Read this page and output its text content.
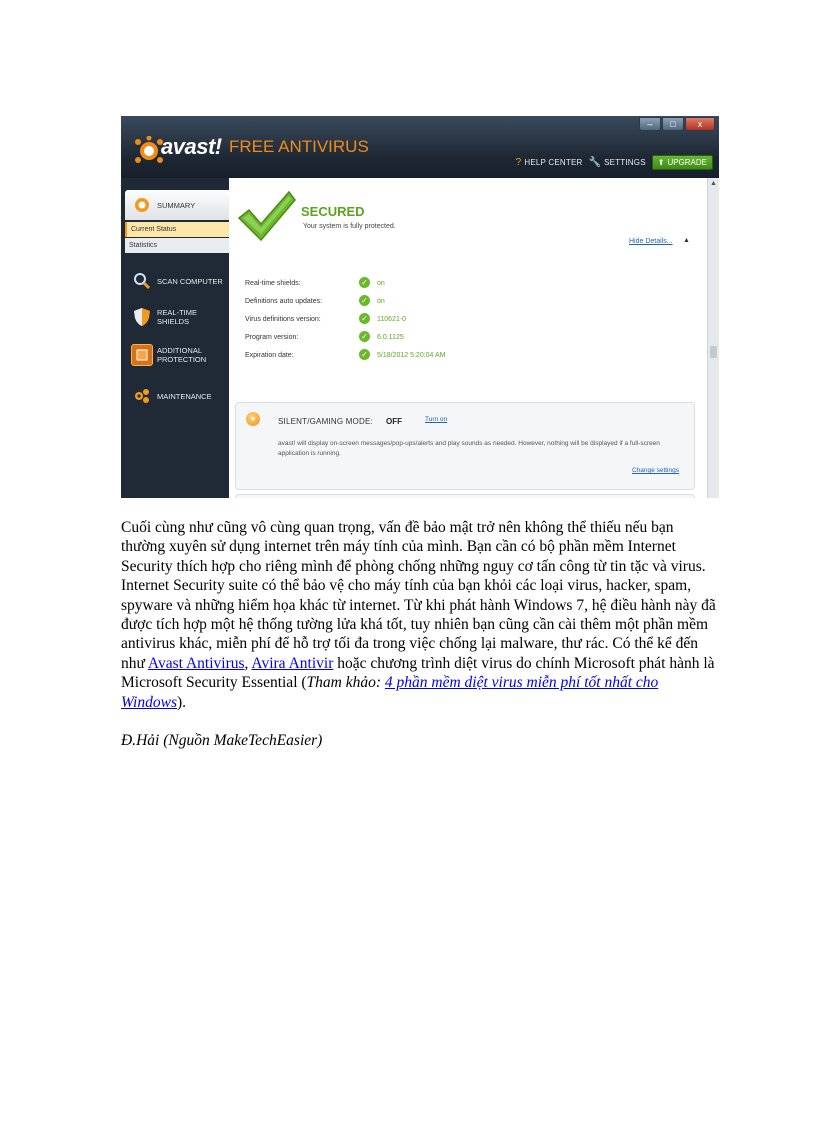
–	□	x
avast! FREE ANTIVIRUS
? HELP CENTER 🔧 SETTINGS ⬆ UPGRADE
SUMMARY
Current Status
Statistics
SCAN COMPUTER
REAL-TIME
SHIELDS
ADDITIONAL
PROTECTION
MAINTENANCE
SECURED
Your system is fully protected.
Hide Details... ▲
Real-time shields:	✓	on
Definitions auto updates:	✓	on
Virus definitions version:	✓	110621-0
Program version:	✓	6.0.1125
Expiration date:	✓	5/18/2012 5:20:04 AM
●	SILENT/GAMING MODE: OFF	Turn on
avast! will display on-screen messages/pop-ups/alerts and play sounds as needed. However, nothing will be displayed if a full-screen application is running.
Change settings
▲

Cuối cùng như cũng vô cùng quan trọng, vấn đề bảo mật trở nên không thể thiếu nếu bạn thường xuyên sử dụng internet trên máy tính của mình. Bạn cần có bộ phần mềm Internet Security thích hợp cho riêng mình để phòng chống những nguy cơ tấn công từ tin tặc và virus. Internet Security suite có thể bảo vệ cho máy tính của bạn khỏi các loại virus, hacker, spam, spyware và những hiểm họa khác từ internet. Từ khi phát hành Windows 7, hệ điều hành này đã được tích hợp một hệ thống tường lửa khá tốt, tuy nhiên bạn cũng cần cài thêm một phần mềm antivirus khác, miễn phí để hỗ trợ tối đa trong việc chống lại malware, thư rác. Có thể kể đến như Avast Antivirus, Avira Antivir hoặc chương trình diệt virus do chính Microsoft phát hành là Microsoft Security Essential (Tham khảo: 4 phần mềm diệt virus miễn phí tốt nhất cho Windows).

Đ.Hải (Nguồn MakeTechEasier)
